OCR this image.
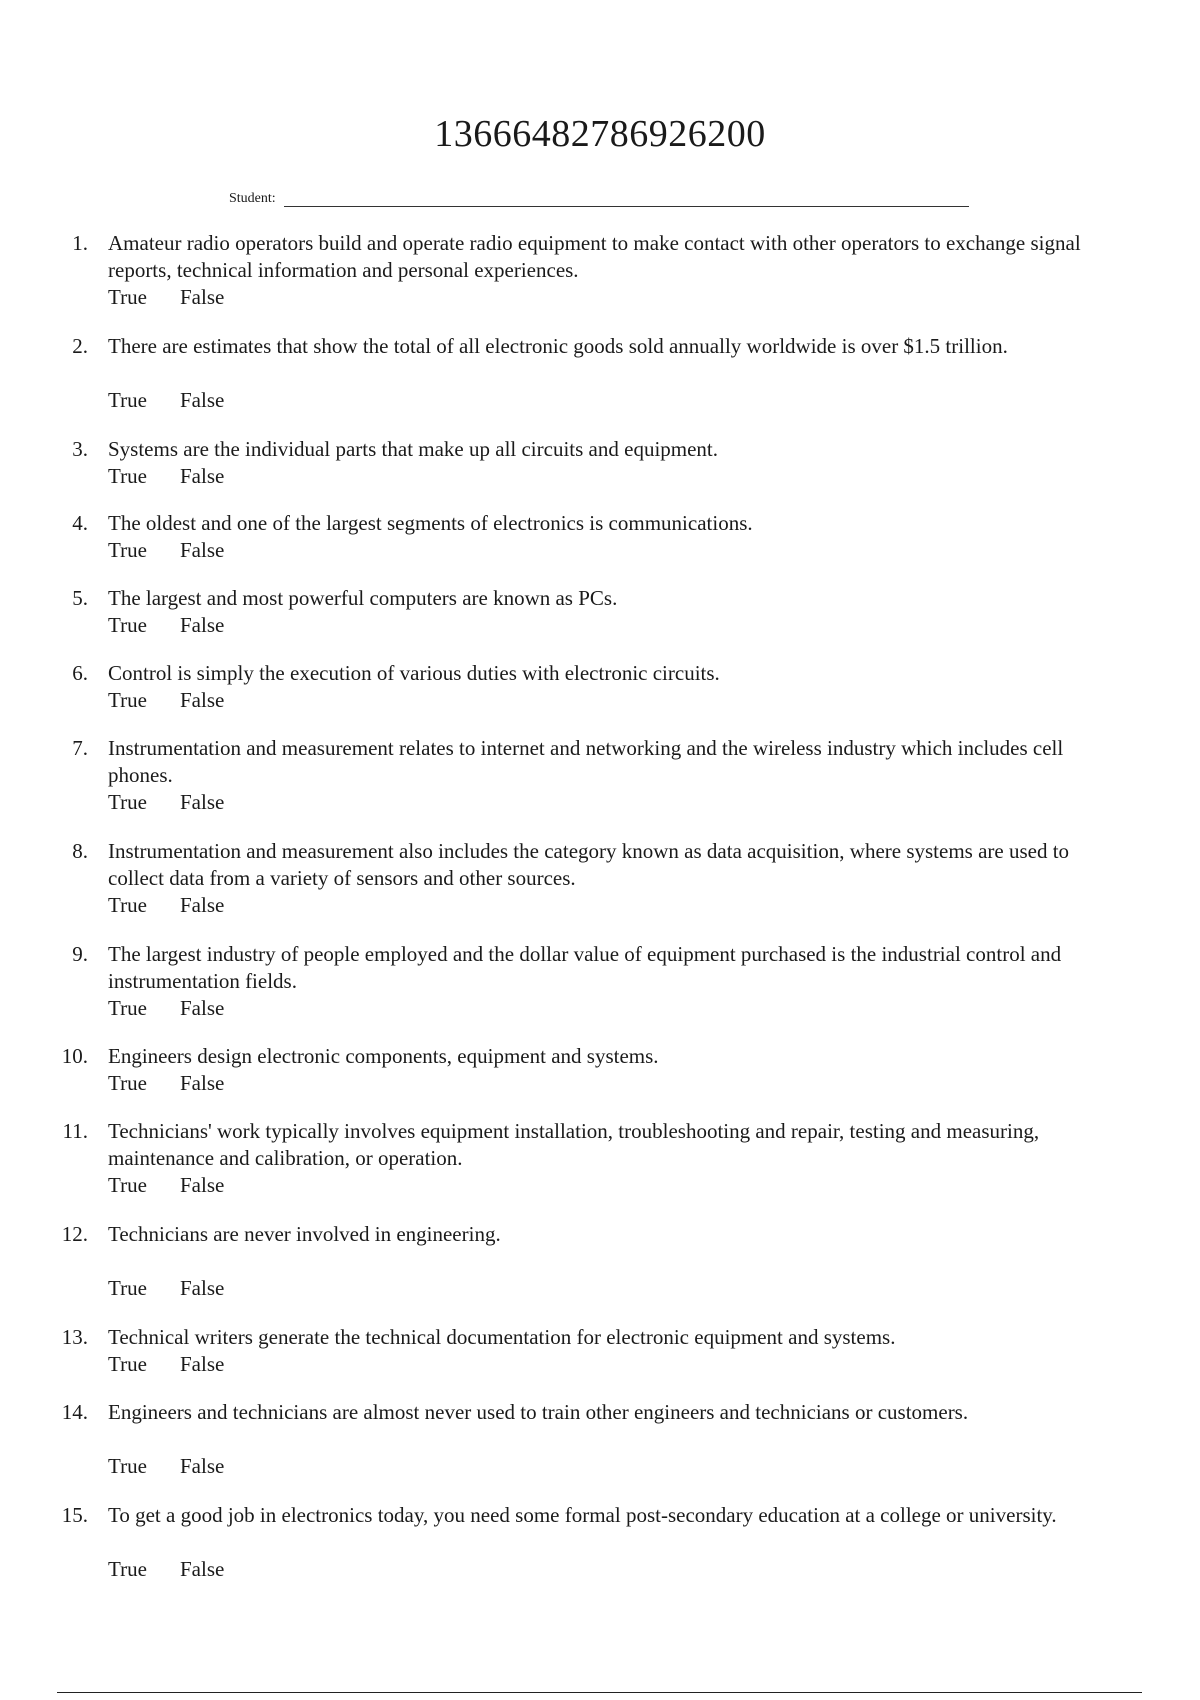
13666482786926200
Student:
1. Amateur radio operators build and operate radio equipment to make contact with other operators to exchange signal reports, technical information and personal experiences.
True	False
2. There are estimates that show the total of all electronic goods sold annually worldwide is over $1.5 trillion.
True	False
3. Systems are the individual parts that make up all circuits and equipment.
True	False
4. The oldest and one of the largest segments of electronics is communications.
True	False
5. The largest and most powerful computers are known as PCs.
True	False
6. Control is simply the execution of various duties with electronic circuits.
True	False
7. Instrumentation and measurement relates to internet and networking and the wireless industry which includes cell phones.
True	False
8. Instrumentation and measurement also includes the category known as data acquisition, where systems are used to collect data from a variety of sensors and other sources.
True	False
9. The largest industry of people employed and the dollar value of equipment purchased is the industrial control and instrumentation fields.
True	False
10. Engineers design electronic components, equipment and systems.
True	False
11. Technicians' work typically involves equipment installation, troubleshooting and repair, testing and measuring, maintenance and calibration, or operation.
True	False
12. Technicians are never involved in engineering.
True	False
13. Technical writers generate the technical documentation for electronic equipment and systems.
True	False
14. Engineers and technicians are almost never used to train other engineers and technicians or customers.
True	False
15. To get a good job in electronics today, you need some formal post-secondary education at a college or university.
True	False
